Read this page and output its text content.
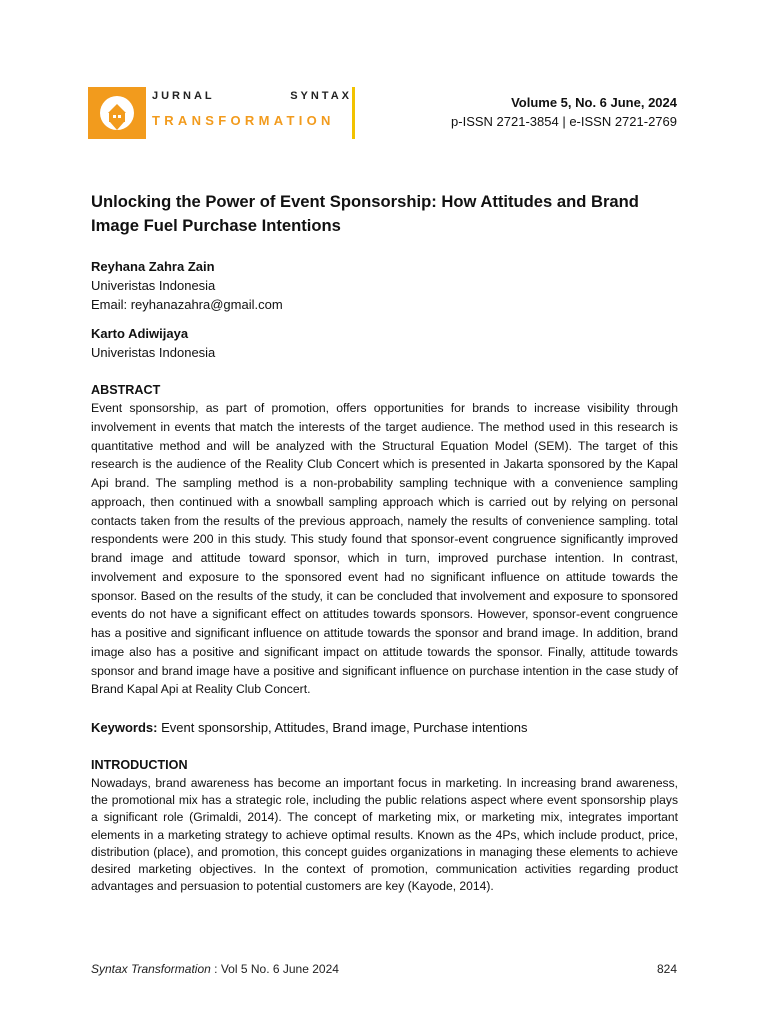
JURNAL	SYNTAX
TRANSFORMATION
Volume 5, No. 6 June, 2024
p-ISSN 2721-3854 | e-ISSN 2721-2769
Unlocking the Power of Event Sponsorship: How Attitudes and Brand Image Fuel Purchase Intentions
Reyhana Zahra Zain
Univeristas Indonesia
Email: reyhanazahra@gmail.com
Karto Adiwijaya
Univeristas Indonesia
ABSTRACT

Event sponsorship, as part of promotion, offers opportunities for brands to increase visibility through involvement in events that match the interests of the target audience. The method used in this research is quantitative method and will be analyzed with the Structural Equation Model (SEM). The target of this research is the audience of the Reality Club Concert which is presented in Jakarta sponsored by the Kapal Api brand. The sampling method is a non-probability sampling technique with a convenience sampling approach, then continued with a snowball sampling approach which is carried out by relying on personal contacts taken from the results of the previous approach, namely the results of convenience sampling. total respondents were 200 in this study. This study found that sponsor-event congruence significantly improved brand image and attitude toward sponsor, which in turn, improved purchase intention. In contrast, involvement and exposure to the sponsored event had no significant influence on attitude towards the sponsor. Based on the results of the study, it can be concluded that involvement and exposure to sponsored events do not have a significant effect on attitudes towards sponsors. However, sponsor-event congruence has a positive and significant influence on attitude towards the sponsor and brand image. In addition, brand image also has a positive and significant impact on attitude towards the sponsor. Finally, attitude towards sponsor and brand image have a positive and significant influence on purchase intention in the case study of Brand Kapal Api at Reality Club Concert.

Keywords: Event sponsorship, Attitudes, Brand image, Purchase intentions
INTRODUCTION

Nowadays, brand awareness has become an important focus in marketing. In increasing brand awareness, the promotional mix has a strategic role, including the public relations aspect where event sponsorship plays a significant role (Grimaldi, 2014). The concept of marketing mix, or marketing mix, integrates important elements in a marketing strategy to achieve optimal results. Known as the 4Ps, which include product, price, distribution (place), and promotion, this concept guides organizations in managing these elements to achieve desired marketing objectives. In the context of promotion, communication activities regarding product advantages and persuasion to potential customers are key (Kayode, 2014).

Syntax Transformation : Vol 5 No. 6 June 2024	824
